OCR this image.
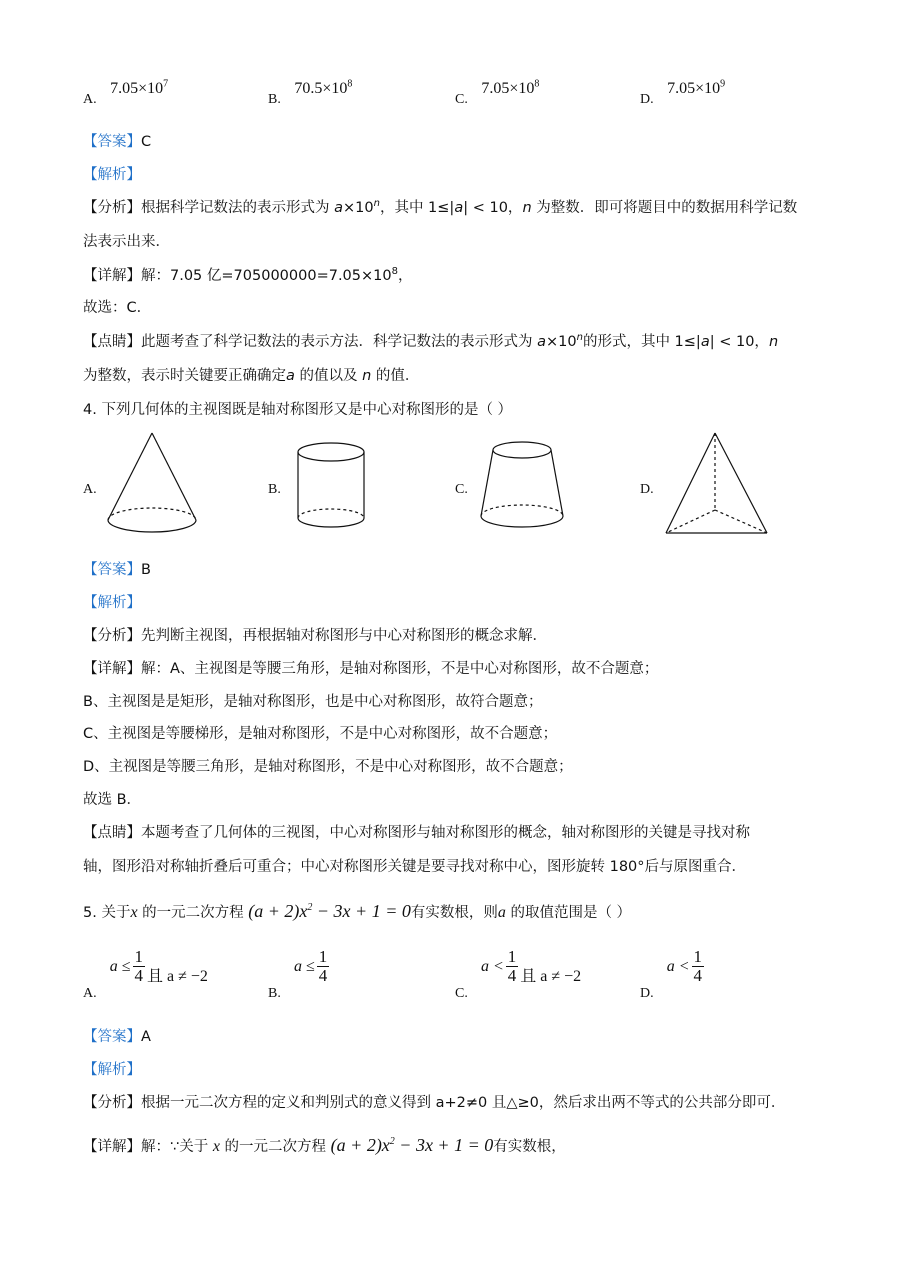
A. $7.05\times 10^7$
B. $70.5\times 10^8$
C. $7.05\times 10^8$
D. $7.05\times 10^9$
【答案】C
【解析】
【分析】根据科学记数法的表示形式为 $a\times 10^n$，其中 1≤|a| < 10，n 为整数．即可将题目中的数据用科学记数
法表示出来．
【详解】解：7.05 亿$=705000000=7.05\times 10^8$，
故选：C．
【点睛】此题考查了科学记数法的表示方法．科学记数法的表示形式为 $a\times 10^n$的形式，其中 1≤|a| < 10，n
为整数，表示时关键要正确确定a 的值以及 n 的值．
4. 下列几何体的主视图既是轴对称图形又是中心对称图形的是（ ）
A.	B.	C.	D.
【答案】B
【解析】
【分析】先判断主视图，再根据轴对称图形与中心对称图形的概念求解．
【详解】解：A、主视图是等腰三角形，是轴对称图形，不是中心对称图形，故不合题意；
B、主视图是是矩形，是轴对称图形，也是中心对称图形，故符合题意；
C、主视图是等腰梯形，是轴对称图形，不是中心对称图形，故不合题意；
D、主视图是等腰三角形，是轴对称图形，不是中心对称图形，故不合题意；
故选 B．
【点睛】本题考查了几何体的三视图，中心对称图形与轴对称图形的概念，轴对称图形的关键是寻找对称
轴，图形沿对称轴折叠后可重合；中心对称图形关键是要寻找对称中心，图形旋转 180°后与原图重合．
5. 关于x 的一元二次方程 $(a + 2)x^2 - 3x + 1 = 0$有实数根，则a 的取值范围是（ ）
A. $a \le \frac{1}{4}$ 且 a ≠ −2
B. $a \le \frac{1}{4}$
C. $a < \frac{1}{4}$ 且 a ≠ −2
D. $a < \frac{1}{4}$
【答案】A
【解析】
【分析】根据一元二次方程的定义和判别式的意义得到 a+2≠0 且△≥0，然后求出两不等式的公共部分即可．
【详解】解：∵关于 x 的一元二次方程 $(a + 2)x^2 - 3x + 1 = 0$有实数根，
